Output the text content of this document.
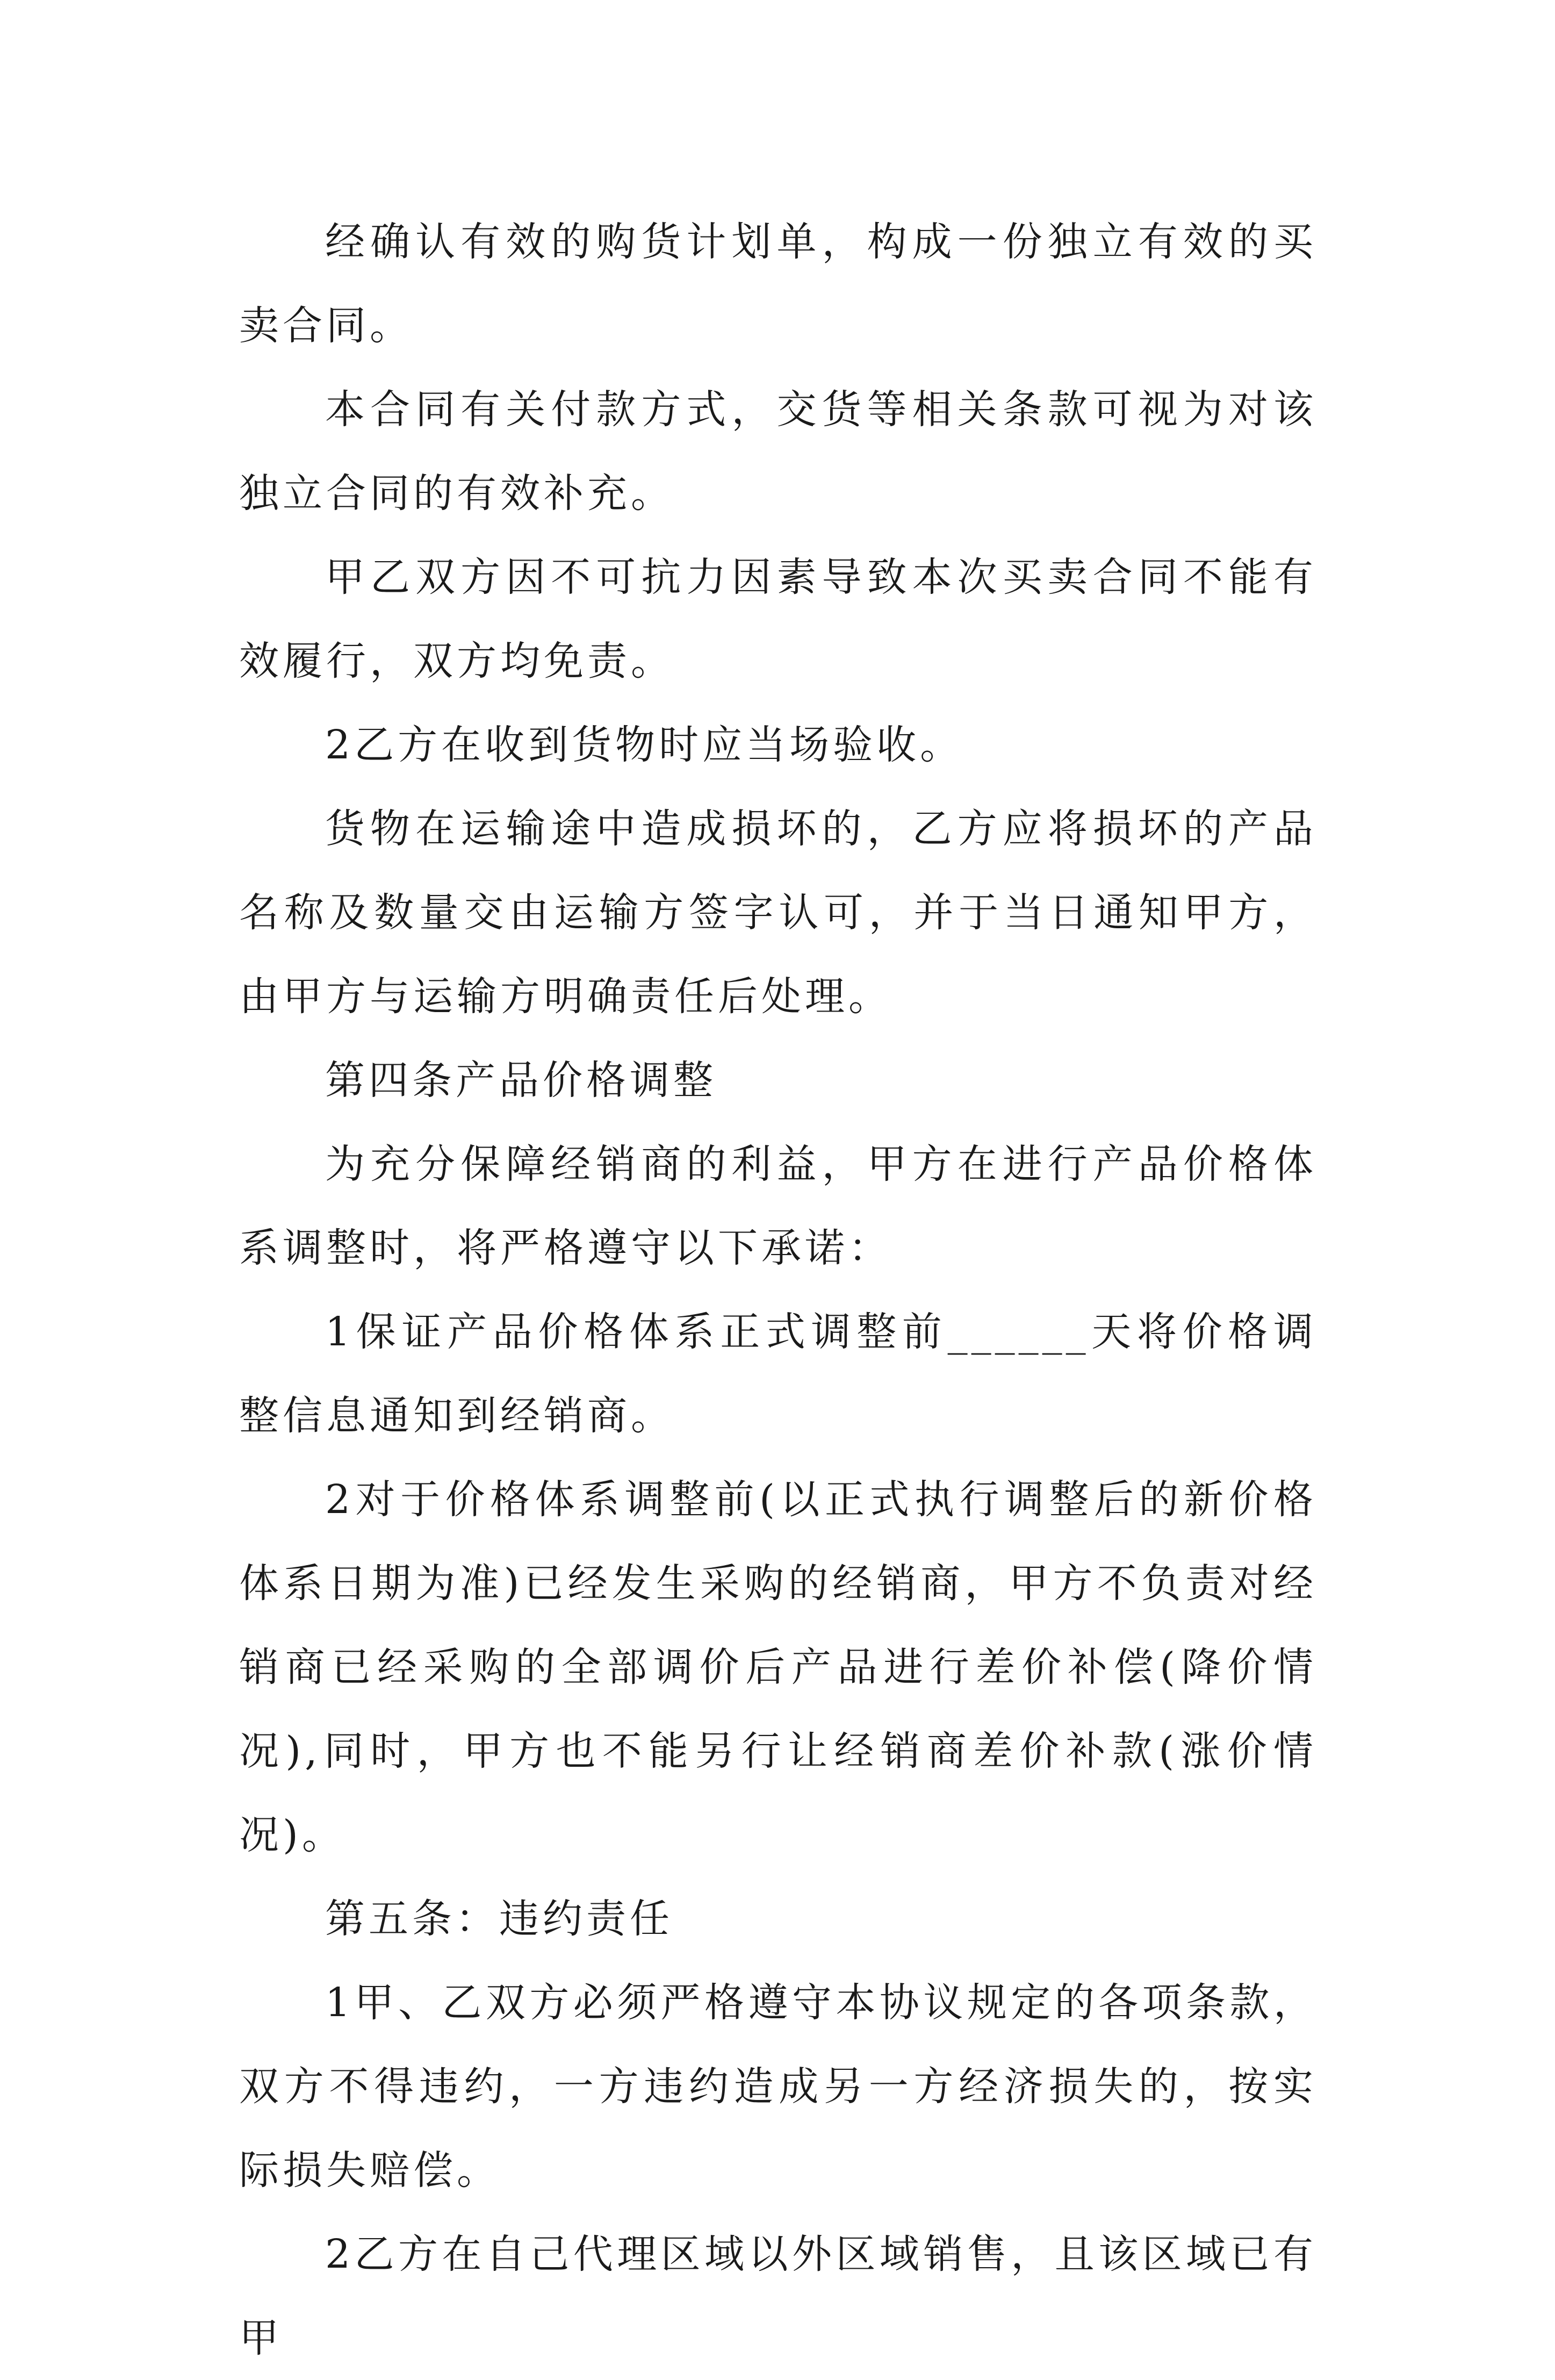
经确认有效的购货计划单，构成一份独立有效的买卖合同。

本合同有关付款方式，交货等相关条款可视为对该独立合同的有效补充。

甲乙双方因不可抗力因素导致本次买卖合同不能有效履行，双方均免责。

2乙方在收到货物时应当场验收。

货物在运输途中造成损坏的，乙方应将损坏的产品名称及数量交由运输方签字认可，并于当日通知甲方，由甲方与运输方明确责任后处理。

第四条产品价格调整

为充分保障经销商的利益，甲方在进行产品价格体系调整时，将严格遵守以下承诺：

1保证产品价格体系正式调整前______天将价格调整信息通知到经销商。

2对于价格体系调整前(以正式执行调整后的新价格体系日期为准)已经发生采购的经销商，甲方不负责对经销商已经采购的全部调价后产品进行差价补偿(降价情况),同时，甲方也不能另行让经销商差价补款(涨价情况)。

第五条：违约责任

1甲、乙双方必须严格遵守本协议规定的各项条款，双方不得违约，一方违约造成另一方经济损失的，按实际损失赔偿。

2乙方在自己代理区域以外区域销售，且该区域已有甲
